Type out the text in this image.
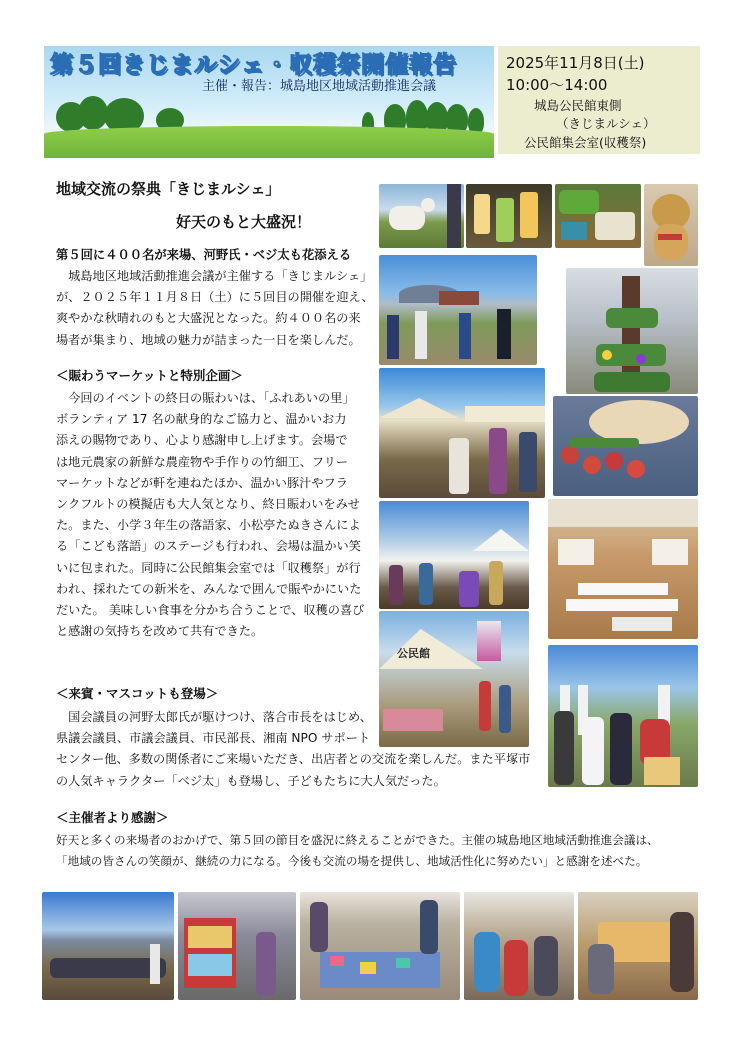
第５回きじまルシェ・収穫祭開催報告
主催・報告：城島地区地域活動推進会議
2025年11月8日(土)
10:00～14:00
城島公民館東側
（きじまルシェ）
公民館集会室(収穫祭)
地域交流の祭典「きじまルシェ」
好天のもと大盛況！
第５回に４００名が来場、河野氏・ベジ太も花添える
　城島地区地域活動推進会議が主催する「きじまルシェ」
が、２０２５年１１月８日（土）に５回目の開催を迎え、
爽やかな秋晴れのもと大盛況となった。約４００名の来
場者が集まり、地域の魅力が詰まった一日を楽しんだ。
＜賑わうマーケットと特別企画＞
　今回のイベントの終日の賑わいは、「ふれあいの里」
ボランティア 17 名の献身的なご協力と、温かいお力
添えの賜物であり、心より感謝申し上げます。会場で
は地元農家の新鮮な農産物や手作りの竹細工、フリー
マーケットなどが軒を連ねたほか、温かい豚汁やフラ
ンクフルトの模擬店も大人気となり、終日賑わいをみせ
た。また、小学３年生の落語家、小松亭たぬきさんによ
る「こども落語」のステージも行われ、会場は温かい笑
いに包まれた。同時に公民館集会室では「収穫祭」が行
われ、採れたての新米を、みんなで囲んで賑やかにいた
だいた。 美味しい食事を分かち合うことで、収穫の喜び
と感謝の気持ちを改めて共有できた。
＜来賓・マスコットも登場＞
　国会議員の河野太郎氏が駆けつけ、落合市長をはじめ、
県議会議員、市議会議員、市民部長、湘南 NPO サポート
センター他、多数の関係者にご来場いただき、出店者との交流を楽しんだ。また平塚市
の人気キャラクター「ベジ太」も登場し、子どもたちに大人気だった。
＜主催者より感謝＞
好天と多くの来場者のおかげで、第５回の節目を盛況に終えることができた。主催の城島地区地域活動推進会議は、
「地域の皆さんの笑顔が、継続の力になる。今後も交流の場を提供し、地域活性化に努めたい」と感謝を述べた。
公民館
